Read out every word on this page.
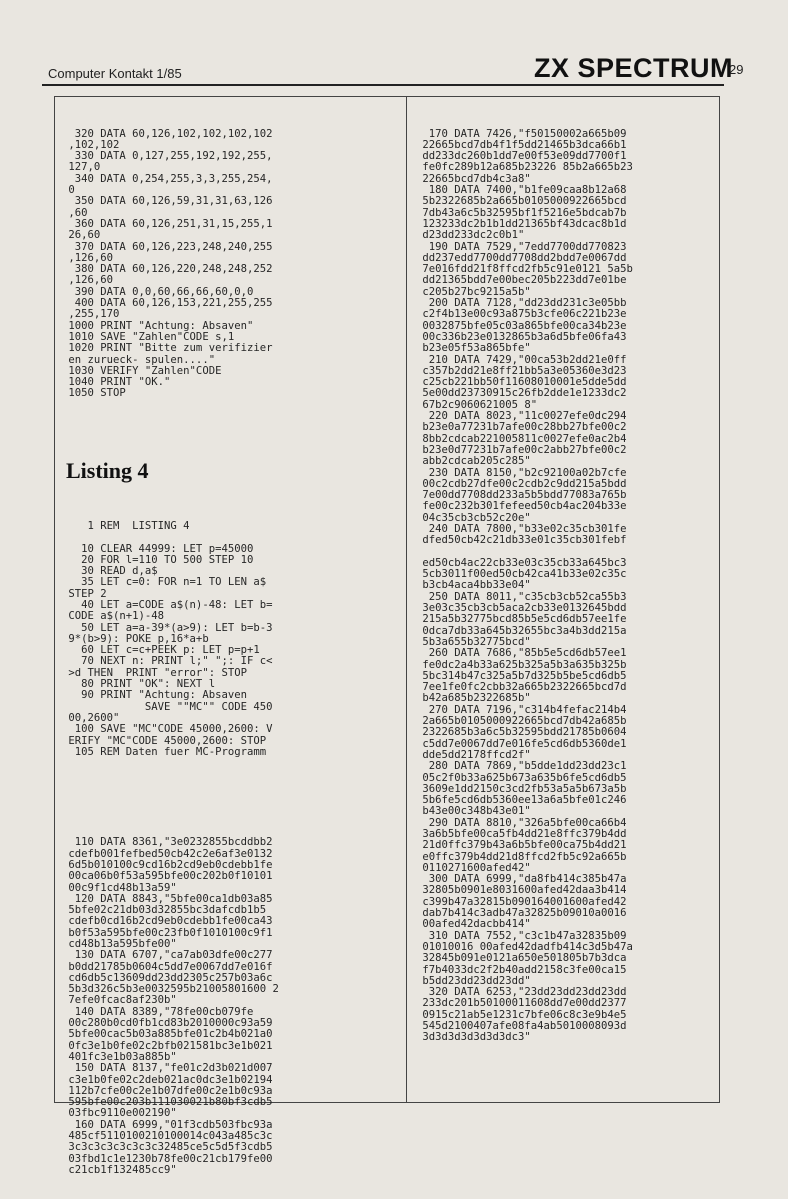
Computer Kontakt 1/85	ZX SPECTRUM
29

320 DATA 60,126,102,102,102,102
,102,102
330 DATA 0,127,255,192,192,255,
127,0
340 DATA 0,254,255,3,3,255,254,
0
350 DATA 60,126,59,31,31,63,126
,60
360 DATA 60,126,251,31,15,255,1
26,60
370 DATA 60,126,223,248,240,255
,126,60
380 DATA 60,126,220,248,248,252
,126,60
390 DATA 0,0,60,66,66,60,0,0
400 DATA 60,126,153,221,255,255
,255,170
1000 PRINT "Achtung: Absaven"
1010 SAVE "Zahlen"CODE s,1
1020 PRINT "Bitte zum verifizier
en zurueck- spulen...."
1030 VERIFY "Zahlen"CODE
1040 PRINT "OK."
1050 STOP

Listing 4

1 REM  LISTING 4

10 CLEAR 44999: LET p=45000
20 FOR l=110 TO 500 STEP 10
30 READ d,a$
35 LET c=0: FOR n=1 TO LEN a$
STEP 2
40 LET a=CODE a$(n)-48: LET b=
CODE a$(n+1)-48
50 LET a=a-39*(a>9): LET b=b-3
9*(b>9): POKE p,16*a+b
60 LET c=c+PEEK p: LET p=p+1
70 NEXT n: PRINT l;" ";: IF c<
>d THEN  PRINT "error": STOP
80 PRINT "OK": NEXT l
90 PRINT "Achtung: Absaven
SAVE ""MC"" CODE 450
00,2600"
100 SAVE "MC"CODE 45000,2600: V
ERIFY "MC"CODE 45000,2600: STOP
105 REM Daten fuer MC-Programm

110 DATA 8361,"3e0232855bcddbb2
cdefb001fefbed50cb42c2e6af3e0132
6d5b010100c9cd16b2cd9eb0cdebb1fe
00ca06b0f53a595bfe00c202b0f10101
00c9f1cd48b13a59"
120 DATA 8843,"5bfe00ca1db03a85
5bfe02c21db03d32855bc3dafcdb1b5
cdefb0cd16b2cd9eb0cdebb1fe00ca43
b0f53a595bfe00c23fb0f1010100c9f1
cd48b13a595bfe00"
130 DATA 6707,"ca7ab03dfe00c277
b0dd21785b0604c5dd7e0067dd7e016f
cd6db5c13609dd23dd2305c257b03a6c
5b3d326c5b3e0032595b21005801600 2
7efe0fcac8af230b"
140 DATA 8389,"78fe00cb079fe
00c280b0cd0fb1cd83b2010000c93a59
5bfe00cac5b03a885bfe01c2b4b021a0
0fc3e1b0fe02c2bfb021581bc3e1b021
401fc3e1b03a885b"
150 DATA 8137,"fe01c2d3b021d007
c3e1b0fe02c2deb021ac0dc3e1b02194
112b7cfe00c2e1b07dfe00c2e1b0c93a
595bfe00c203b111030021b80bf3cdb5
03fbc9110e002190"
160 DATA 6999,"01f3cdb503fbc93a
485cf5110100210100014c043a485c3c
3c3c3c3c3c3c3c32485ce5c5d5f3cdb5
03fbd1c1e1230b78fe00c21cb179fe00
c21cb1f132485cc9"

170 DATA 7426,"f50150002a665b09
22665bcd7db4f1f5dd21465b3dca66b1
dd233dc260b1dd7e00f53e09dd7700f1
fe0fc289b12a685b23226 85b2a665b23
22665bcd7db4c3a8"
180 DATA 7400,"b1fe09caa8b12a68
5b2322685b2a665b0105000922665bcd
7db43a6c5b32595bf1f5216e5bdcab7b
123233dc2b1b1dd21365bf43dcac8b1d
d23dd233dc2c0b1"
190 DATA 7529,"7edd7700dd770823
dd237edd7700dd7708dd2bdd7e0067dd
7e016fdd21f8ffcd2fb5c91e0121 5a5b
dd21365bdd7e00bec205b223dd7e01be
c205b27bc9215a5b"
200 DATA 7128,"dd23dd231c3e05bb
c2f4b13e00c93a875b3cfe06c221b23e
0032875bfe05c03a865bfe00ca34b23e
00c336b23e0132865b3a6d5bfe06fa43
b23e05f53a865bfe"
210 DATA 7429,"00ca53b2dd21e0ff
c357b2dd21e8ff21bb5a3e05360e3d23
c25cb221bb50f11608010001e5dde5dd
5e00dd23730915c26fb2dde1e1233dc2
67b2c9060621005 8"
220 DATA 8023,"11c0027efe0dc294
b23e0a77231b7afe00c28bb27bfe00c2
8bb2cdcab221005811c0027efe0ac2b4
b23e0d77231b7afe00c2abb27bfe00c2
abb2cdcab205c285"
230 DATA 8150,"b2c92100a02b7cfe
00c2cdb27dfe00c2cdb2c9dd215a5bdd
7e00dd7708dd233a5b5bdd77083a765b
fe00c232b301fefeed50cb4ac204b33e
04c35cb3cb52c20e"
240 DATA 7800,"b33e02c35cb301fe
dfed50cb42c21db33e01c35cb301febf

ed50cb4ac22cb33e03c35cb33a645bc3
5cb3011f00ed50cb42ca41b33e02c35c
b3cb4aca4bb33e04"
250 DATA 8011,"c35cb3cb52ca55b3
3e03c35cb3cb5aca2cb33e0132645bdd
215a5b32775bcd85b5e5cd6db57ee1fe
0dca7db33a645b32655bc3a4b3dd215a
5b3a655b32775bcd"
260 DATA 7686,"85b5e5cd6db57ee1
fe0dc2a4b33a625b325a5b3a635b325b
5bc314b47c325a5b7d325b5be5cd6db5
7ee1fe0fc2cbb32a665b2322665bcd7d
b42a685b2322685b"
270 DATA 7196,"c314b4fefac214b4
2a665b0105000922665bcd7db42a685b
2322685b3a6c5b32595bdd21785b0604
c5dd7e0067dd7e016fe5cd6db5360de1
dde5dd2178ffcd2f"
280 DATA 7869,"b5dde1dd23dd23c1
05c2f0b33a625b673a635b6fe5cd6db5
3609e1dd2150c3cd2fb53a5a5b673a5b
5b6fe5cd6db5360ee13a6a5bfe01c246
b43e00c348b43e01"
290 DATA 8810,"326a5bfe00ca66b4
3a6b5bfe00ca5fb4dd21e8ffc379b4dd
21d0ffc379b43a6b5bfe00ca75b4dd21
e0ffc379b4dd21d8ffcd2fb5c92a665b
0110271600afed42"
300 DATA 6999,"da8fb414c385b47a
32805b0901e8031600afed42daa3b414
c399b47a32815b090164001600afed42
dab7b414c3adb47a32825b09010a0016
00afed42dacbb414"
310 DATA 7552,"c3c1b47a32835b09
01010016 00afed42dadfb414c3d5b47a
32845b091e0121a650e501805b7b3dca
f7b4033dc2f2b40add2158c3fe00ca15
b5dd23dd23dd23dd"
320 DATA 6253,"23dd23dd23dd23dd
233dc201b50100011608dd7e00dd2377
0915c21ab5e1231c7bfe06c8c3e9b4e5
545d2100407afe08fa4ab5010008093d
3d3d3d3d3d3d3dc3"
